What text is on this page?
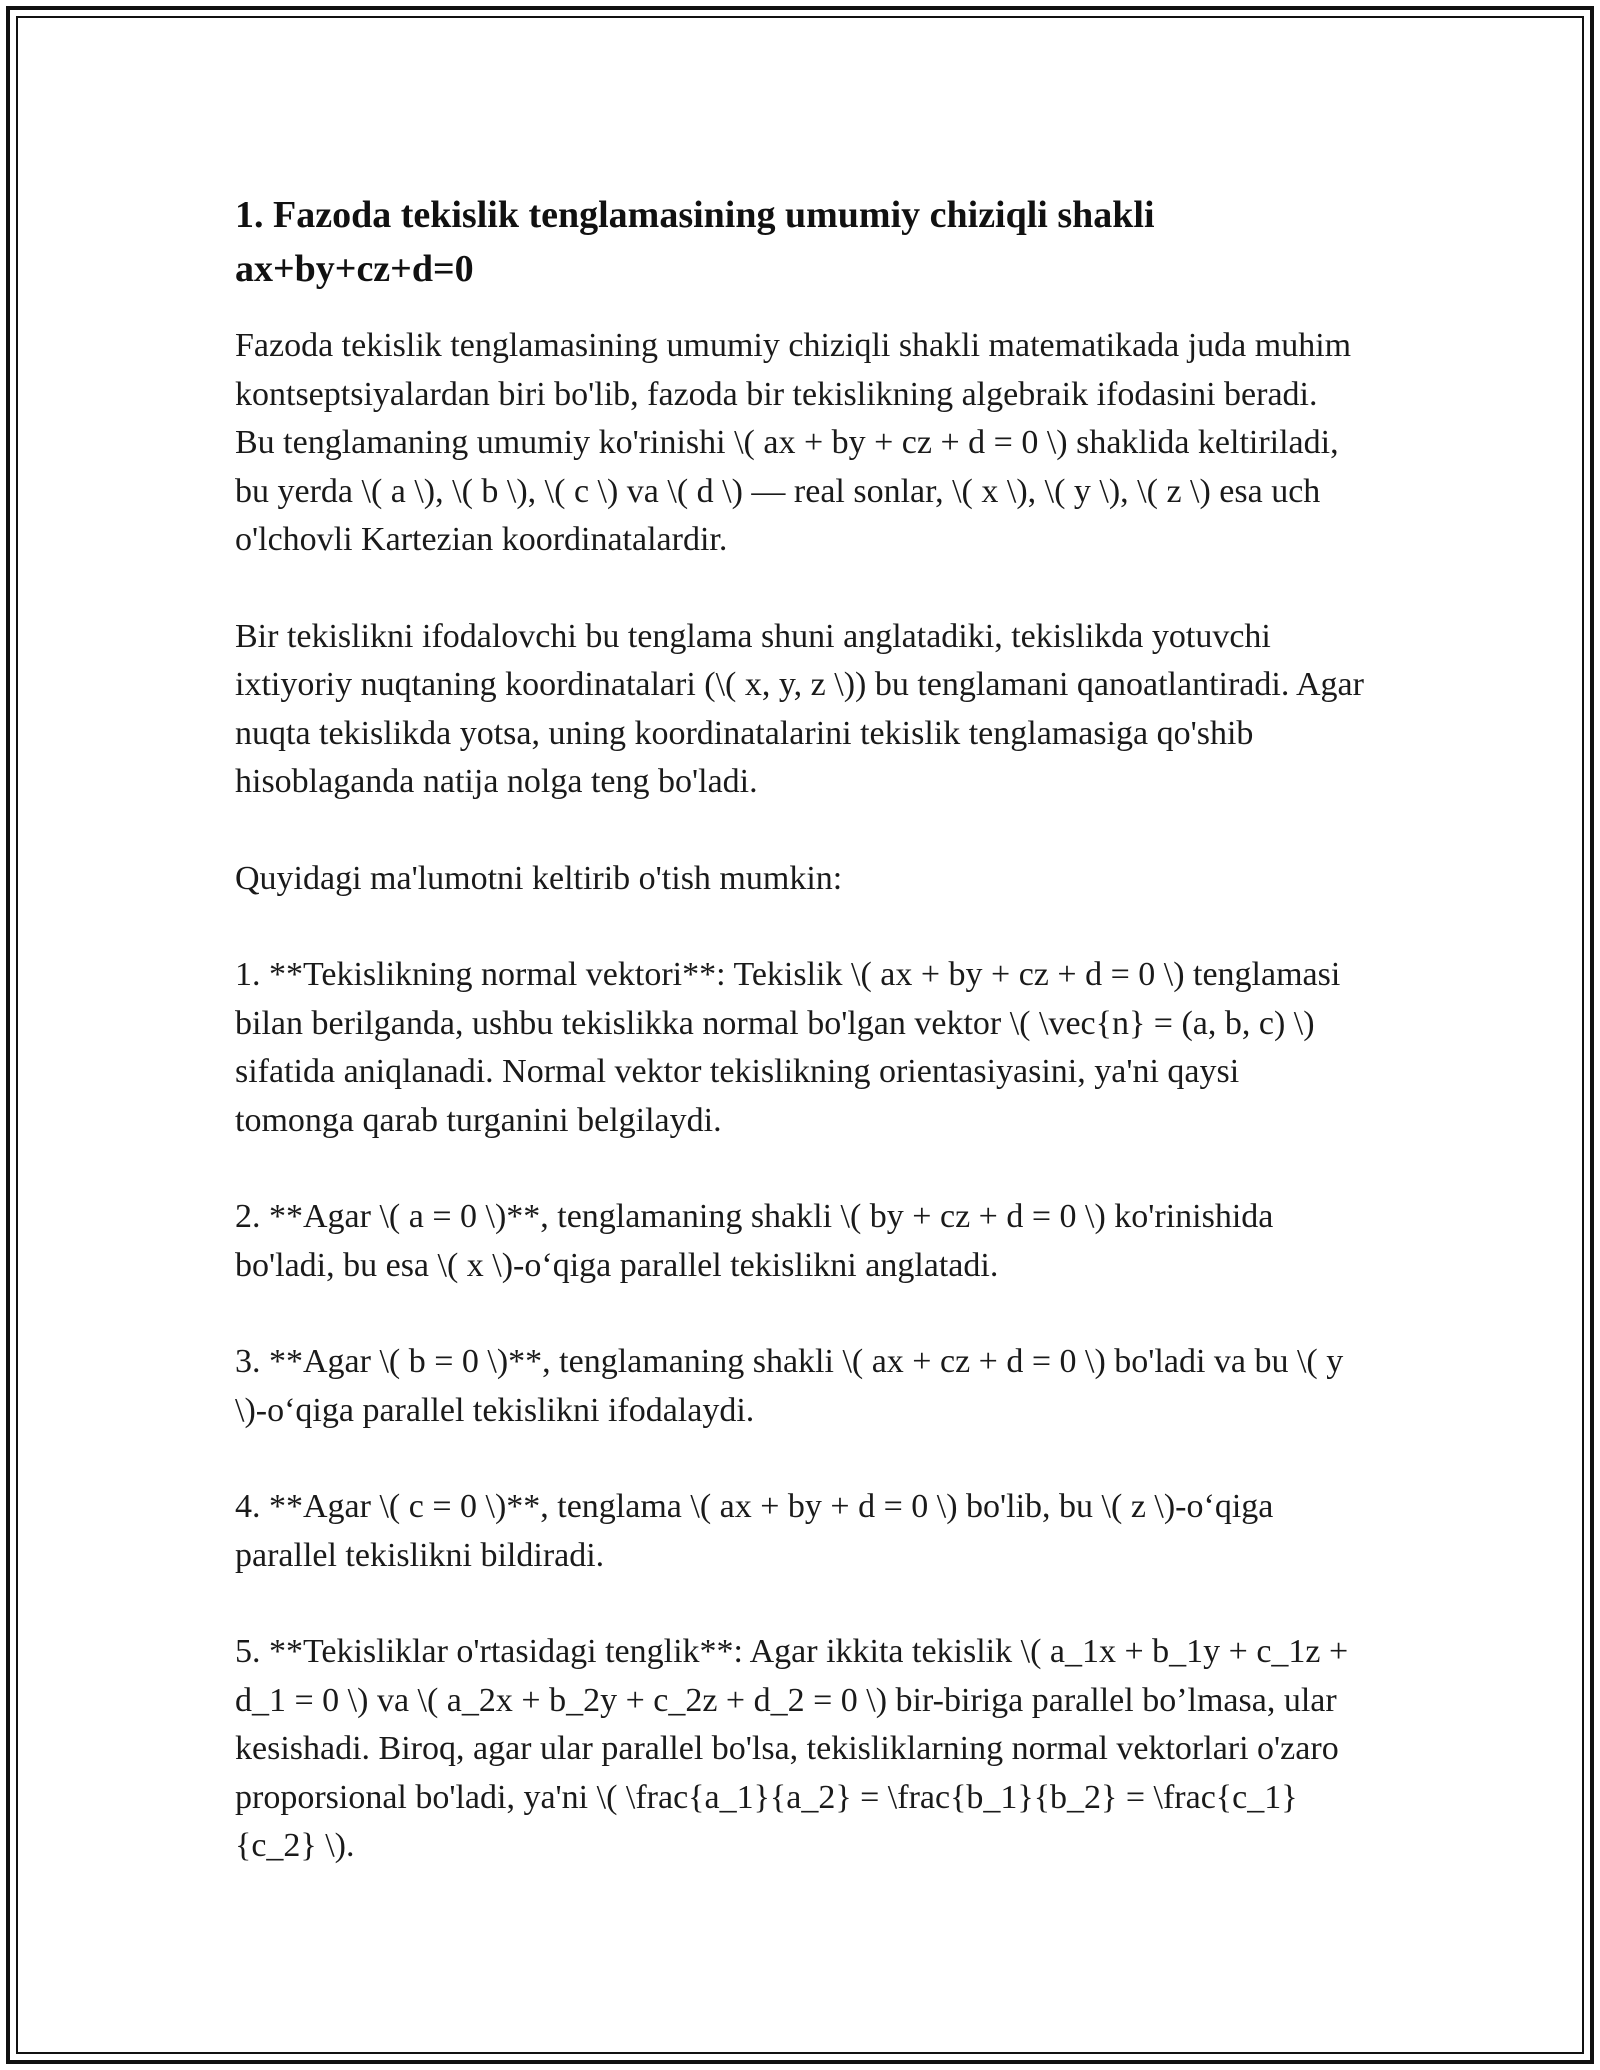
1. Fazoda tekislik tenglamasining umumiy chiziqli shakli ax+by+cz+d=0

Fazoda tekislik tenglamasining umumiy chiziqli shakli matematikada juda muhim kontseptsiyalardan biri bo'lib, fazoda bir tekislikning algebraik ifodasini beradi. Bu tenglamaning umumiy ko'rinishi \( ax + by + cz + d = 0 \) shaklida keltiriladi, bu yerda \( a \), \( b \), \( c \) va \( d \) — real sonlar, \( x \), \( y \), \( z \) esa uch o'lchovli Kartezian koordinatalardir.

Bir tekislikni ifodalovchi bu tenglama shuni anglatadiki, tekislikda yotuvchi ixtiyoriy nuqtaning koordinatalari (\( x, y, z \)) bu tenglamani qanoatlantiradi. Agar nuqta tekislikda yotsa, uning koordinatalarini tekislik tenglamasiga qo'shib hisoblaganda natija nolga teng bo'ladi.

Quyidagi ma'lumotni keltirib o'tish mumkin:

1. **Tekislikning normal vektori**: Tekislik \( ax + by + cz + d = 0 \) tenglamasi bilan berilganda, ushbu tekislikka normal bo'lgan vektor \( \vec{n} = (a, b, c) \) sifatida aniqlanadi. Normal vektor tekislikning orientasiyasini, ya'ni qaysi tomonga qarab turganini belgilaydi.

2. **Agar \( a = 0 \)**, tenglamaning shakli \( by + cz + d = 0 \) ko'rinishida bo'ladi, bu esa \( x \)-o‘qiga parallel tekislikni anglatadi.

3. **Agar \( b = 0 \)**, tenglamaning shakli \( ax + cz + d = 0 \) bo'ladi va bu \( y \)-o‘qiga parallel tekislikni ifodalaydi.

4. **Agar \( c = 0 \)**, tenglama \( ax + by + d = 0 \) bo'lib, bu \( z \)-o‘qiga parallel tekislikni bildiradi.

5. **Tekisliklar o'rtasidagi tenglik**: Agar ikkita tekislik \( a_1x + b_1y + c_1z + d_1 = 0 \) va \( a_2x + b_2y + c_2z + d_2 = 0 \) bir-biriga parallel bo’lmasa, ular kesishadi. Biroq, agar ular parallel bo'lsa, tekisliklarning normal vektorlari o'zaro proporsional bo'ladi, ya'ni \( \frac{a_1}{a_2} = \frac{b_1}{b_2} = \frac{c_1}{c_2} \).
